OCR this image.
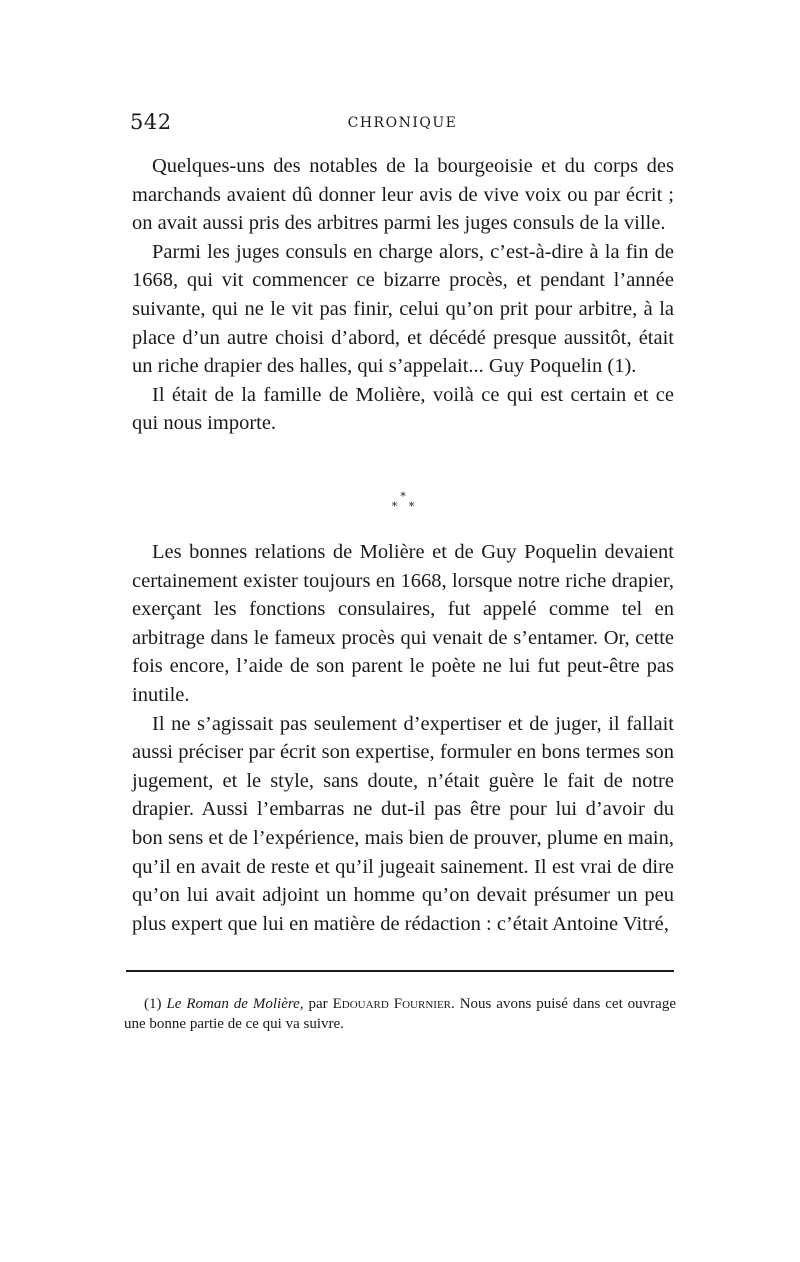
542	CHRONIQUE

Quelques-uns des notables de la bourgeoisie et du corps des marchands avaient dû donner leur avis de vive voix ou par écrit ; on avait aussi pris des arbitres parmi les juges consuls de la ville.

Parmi les juges consuls en charge alors, c’est-à-dire à la fin de 1668, qui vit commencer ce bizarre procès, et pendant l’année suivante, qui ne le vit pas finir, celui qu’on prit pour arbitre, à la place d’un autre choisi d’abord, et décédé presque aussitôt, était un riche drapier des halles, qui s’appelait... Guy Poquelin (1).

Il était de la famille de Molière, voilà ce qui est certain et ce qui nous importe.

*
* *

Les bonnes relations de Molière et de Guy Poquelin devaient certainement exister toujours en 1668, lorsque notre riche drapier, exerçant les fonctions consulaires, fut appelé comme tel en arbitrage dans le fameux procès qui venait de s’entamer. Or, cette fois encore, l’aide de son parent le poète ne lui fut peut-être pas inutile.

Il ne s’agissait pas seulement d’expertiser et de juger, il fallait aussi préciser par écrit son expertise, formuler en bons termes son jugement, et le style, sans doute, n’était guère le fait de notre drapier. Aussi l’embarras ne dut-il pas être pour lui d’avoir du bon sens et de l’expérience, mais bien de prouver, plume en main, qu’il en avait de reste et qu’il jugeait sainement. Il est vrai de dire qu’on lui avait adjoint un homme qu’on devait présumer un peu plus expert que lui en matière de rédaction : c’était Antoine Vitré,

(1) Le Roman de Molière, par Edouard Fournier. Nous avons puisé dans cet ouvrage une bonne partie de ce qui va suivre.
